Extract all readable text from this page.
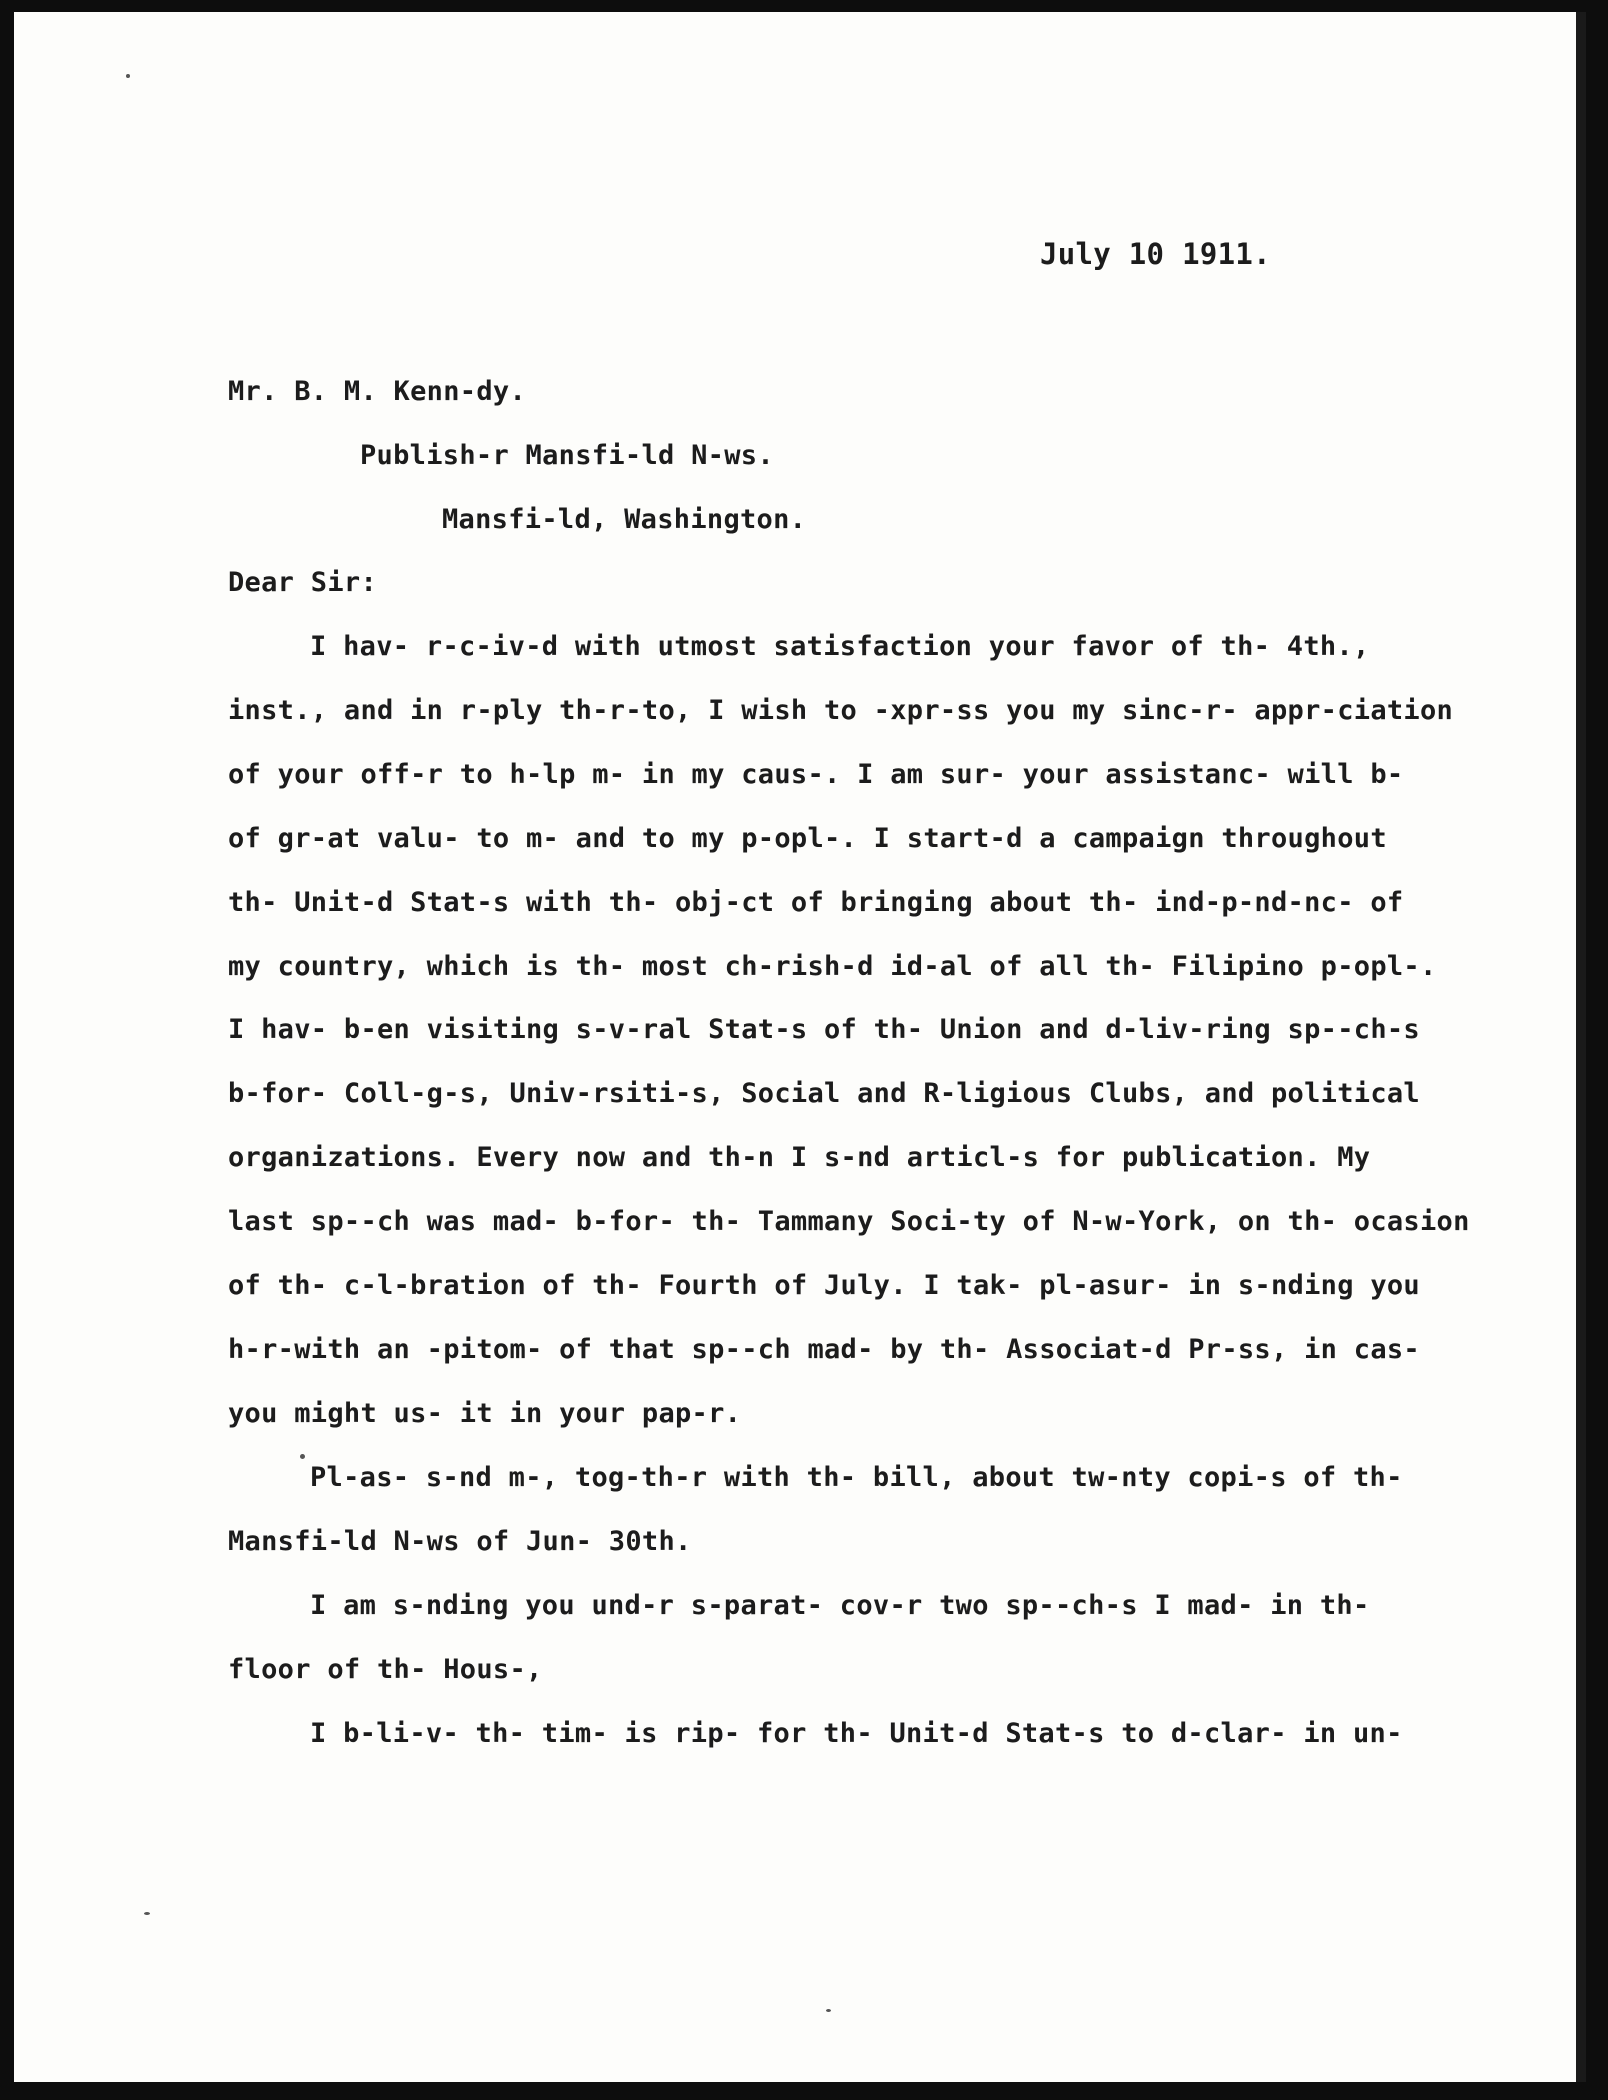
July 10 1911.
Mr. B. M. Kenn-dy.
Publish-r Mansfi-ld N-ws.
Mansfi-ld, Washington.
Dear Sir:
I hav- r-c-iv-d with utmost satisfaction your favor of th- 4th.,
inst., and in r-ply th-r-to, I wish to -xpr-ss you my sinc-r- appr-ciation
of your off-r to h-lp m- in my caus-. I am sur- your assistanc- will b-
of gr-at valu- to m- and to my p-opl-. I start-d a campaign throughout
th- Unit-d Stat-s with th- obj-ct of bringing about th- ind-p-nd-nc- of
my country, which is th- most ch-rish-d id-al of all th- Filipino p-opl-.
I hav- b-en visiting s-v-ral Stat-s of th- Union and d-liv-ring sp--ch-s
b-for- Coll-g-s, Univ-rsiti-s, Social and R-ligious Clubs, and political
organizations. Every now and th-n I s-nd articl-s for publication. My
last sp--ch was mad- b-for- th- Tammany Soci-ty of N-w-York, on th- ocasion
of th- c-l-bration of th- Fourth of July. I tak- pl-asur- in s-nding you
h-r-with an -pitom- of that sp--ch mad- by th- Associat-d Pr-ss, in cas-
you might us- it in your pap-r.
Pl-as- s-nd m-, tog-th-r with th- bill, about tw-nty copi-s of th-
Mansfi-ld N-ws of Jun- 30th.
I am s-nding you und-r s-parat- cov-r two sp--ch-s I mad- in th-
floor of th- Hous-,
I b-li-v- th- tim- is rip- for th- Unit-d Stat-s to d-clar- in un-
